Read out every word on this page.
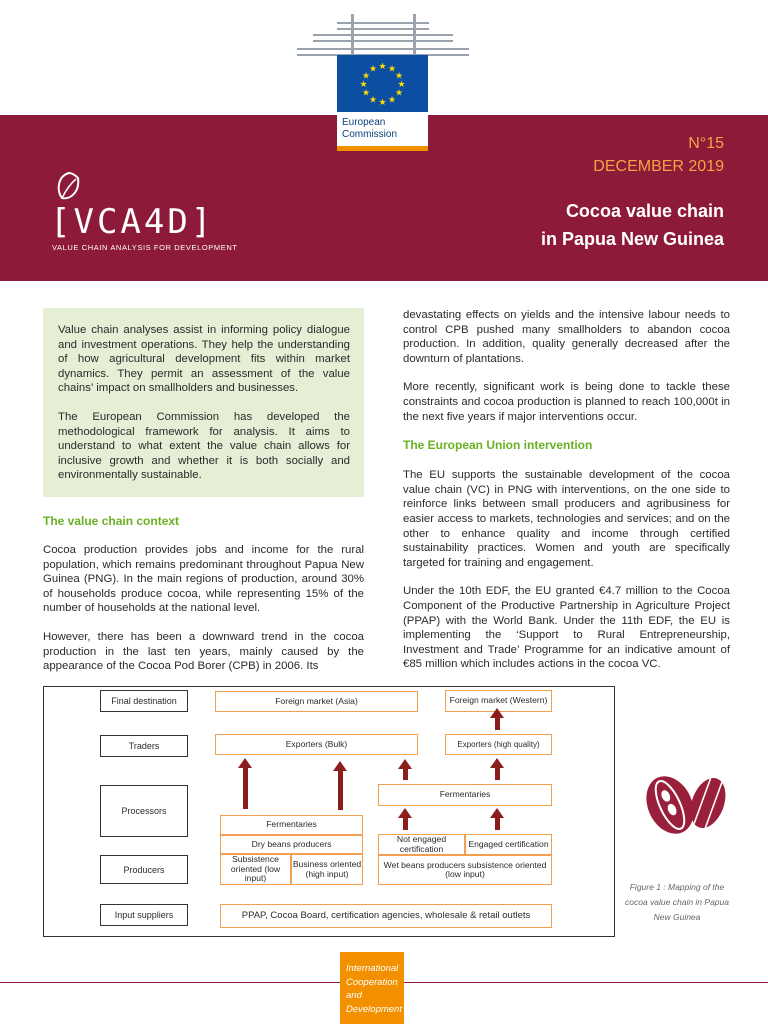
★ ★
★
★
★
★
★
★
★
★
★
★
European Commission
N°15
DECEMBER 2019
Cocoa value chain
in Papua New Guinea
[VCA4D]
VALUE CHAIN ANALYSIS FOR DEVELOPMENT

Value chain analyses assist in informing policy dialogue and investment operations. They help the understanding of how agricultural development fits within market dynamics. They permit an assessment of the value chains’ impact on smallholders and businesses.

The European Commission has developed the methodological framework for analysis. It aims to understand to what extent the value chain allows for inclusive growth and whether it is both socially and environmentally sustainable.

The value chain context

Cocoa production provides jobs and income for the rural population, which remains predominant throughout Papua New Guinea (PNG). In the main regions of production, around 30% of households produce cocoa, while representing 15% of the number of households at the national level.

However, there has been a downward trend in the cocoa production in the last ten years, mainly caused by the appearance of the Cocoa Pod Borer (CPB) in 2006. Its

devastating effects on yields and the intensive labour needs to control CPB pushed many smallholders to abandon cocoa production. In addition, quality generally decreased after the downturn of plantations.

More recently, significant work is being done to tackle these constraints and cocoa production is planned to reach 100,000t in the next five years if major interventions occur.

The European Union intervention

The EU supports the sustainable development of the cocoa value chain (VC) in PNG with interventions, on the one side to reinforce links between small producers and agribusiness for easier access to markets, technologies and services; and on the other to enhance quality and income through certified sustainability practices. Women and youth are specifically targeted for training and engagement.

Under the 10th EDF, the EU granted €4.7 million to the Cocoa Component of the Productive Partnership in Agriculture Project (PPAP) with the World Bank. Under the 11th EDF, the EU is implementing the ‘Support to Rural Entrepreneurship, Investment and Trade’ Programme for an indicative amount of €85 million which includes actions in the cocoa VC.

Final destination
Traders
Processors
Producers
Input suppliers
Foreign market (Asia)	Foreign market (Western)
Exporters (Bulk)	Exporters (high quality)
Fermentaries
Fermentaries
Dry beans producers
Subsistence oriented (low input)
Business oriented (high input)
Not engaged certification	Engaged certification
Wet beans producers subsistence oriented (low input)
PPAP, Cocoa Board, certification agencies, wholesale & retail outlets
Figure 1 : Mapping of the cocoa value chain in Papua New Guinea
International Cooperation and Development
